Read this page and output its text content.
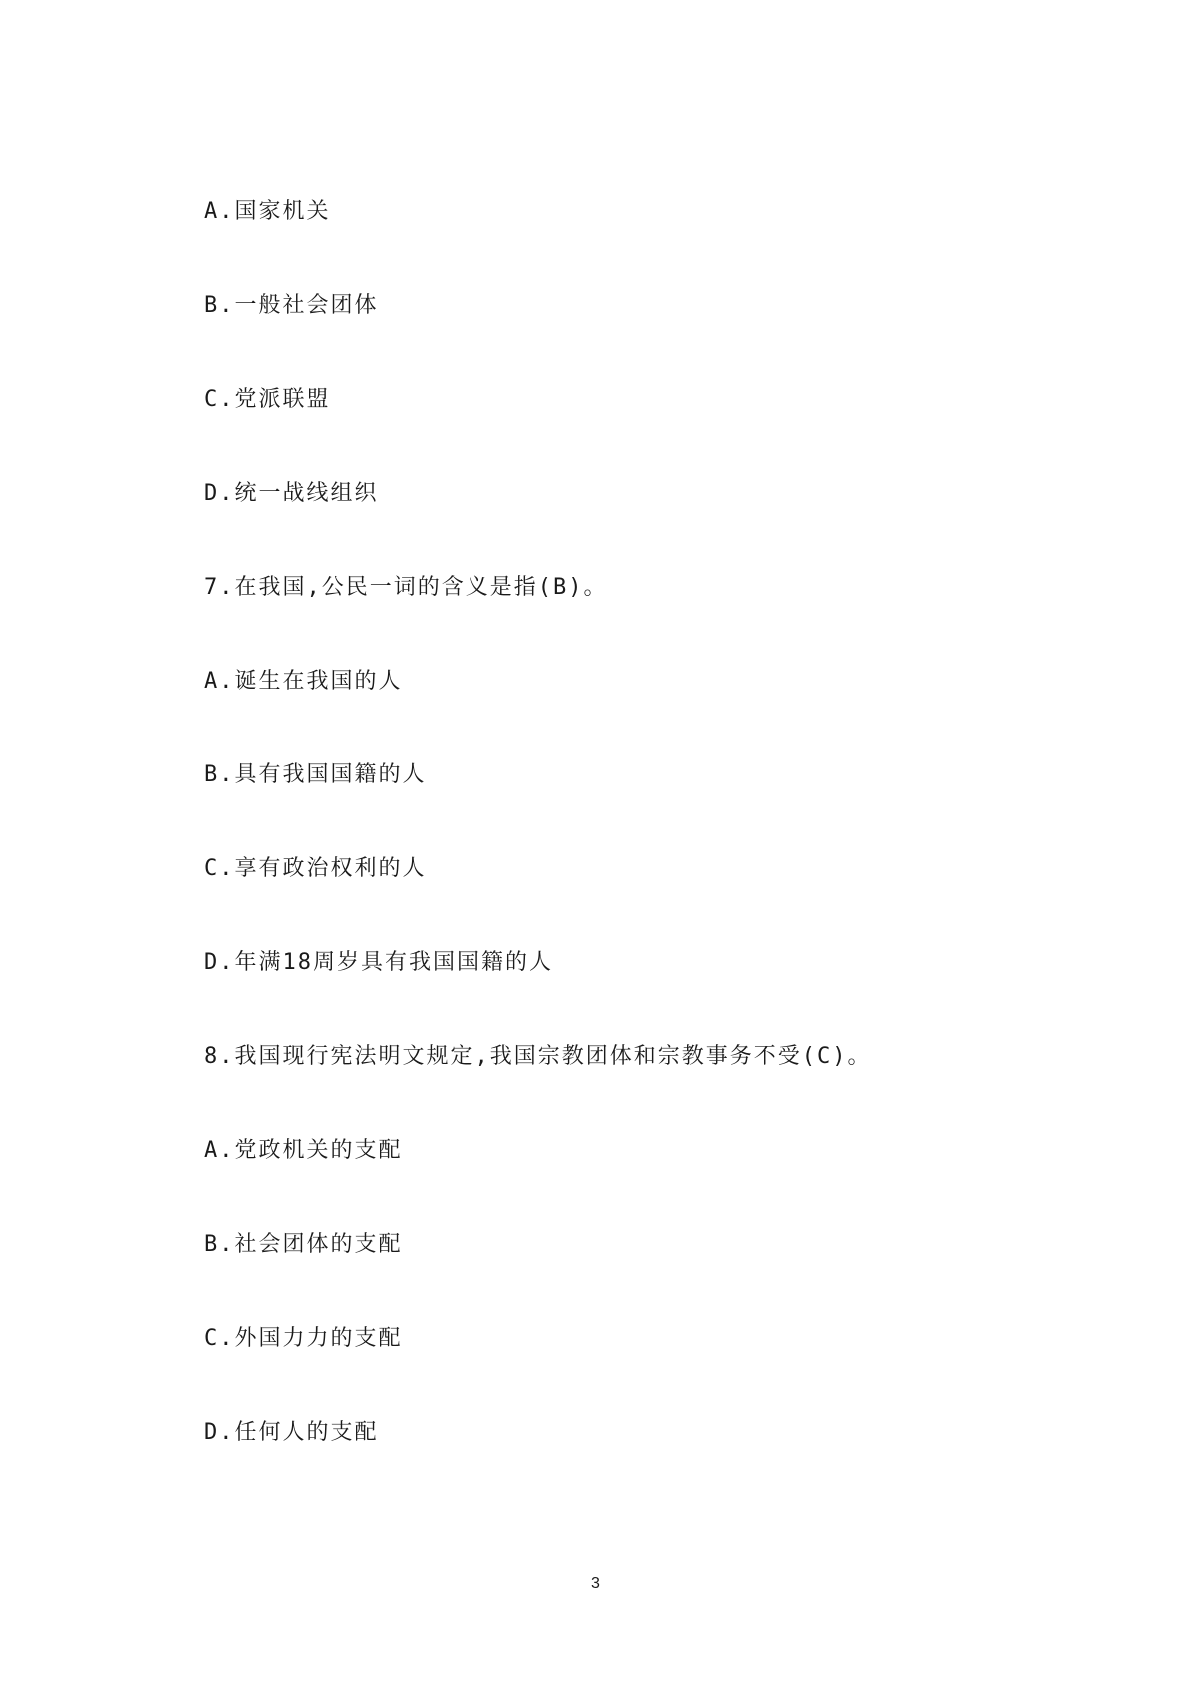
A.国家机关

B.一般社会团体

C.党派联盟

D.统一战线组织

7.在我国,公民一词的含义是指(B)。

A.诞生在我国的人

B.具有我国国籍的人

C.享有政治权利的人

D.年满18周岁具有我国国籍的人

8.我国现行宪法明文规定,我国宗教团体和宗教事务不受(C)。

A.党政机关的支配

B.社会团体的支配

C.外国力力的支配

D.任何人的支配

3
